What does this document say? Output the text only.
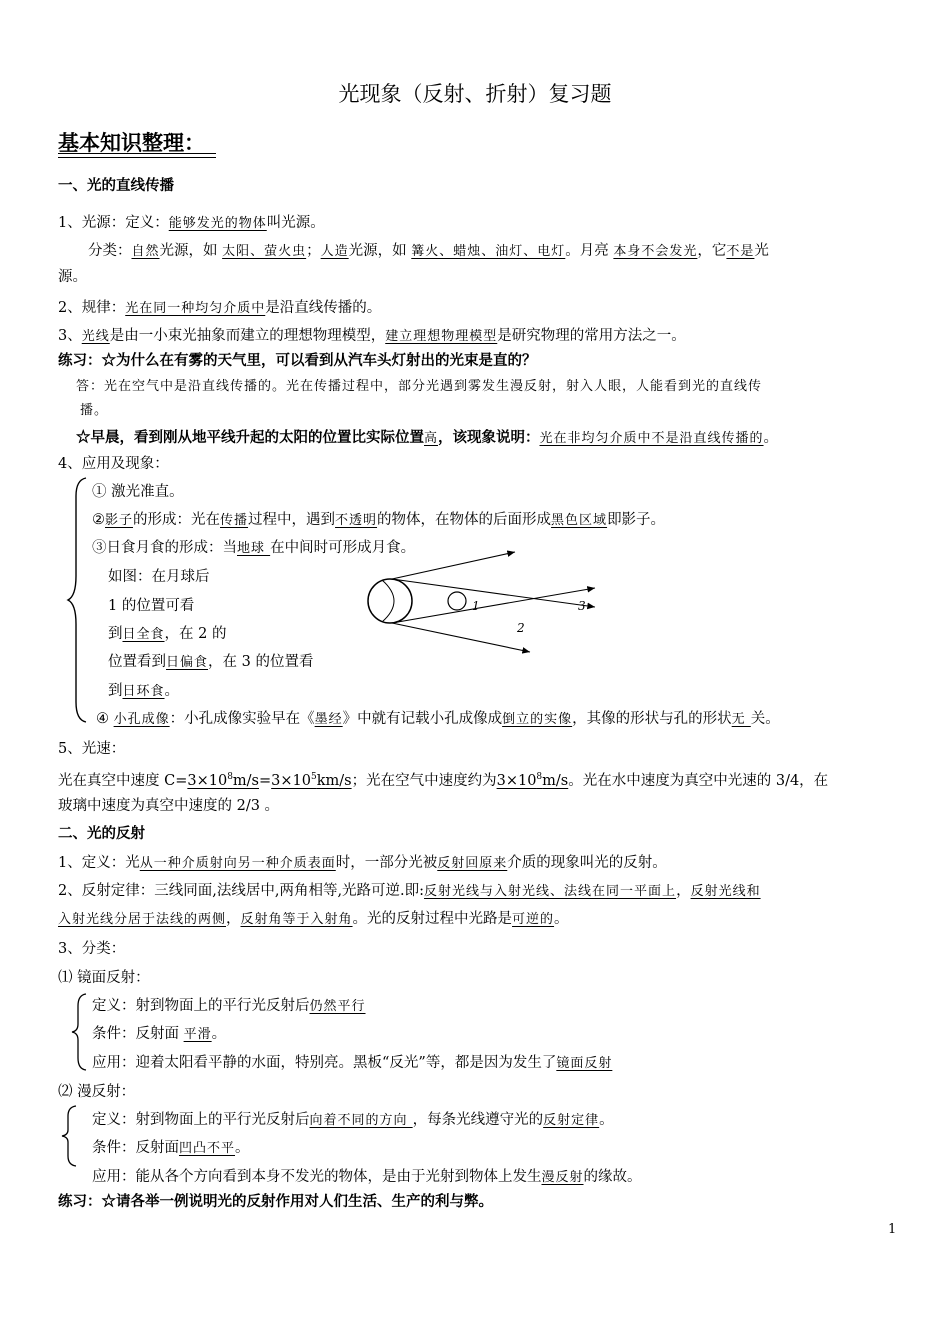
光现象（反射、折射）复习题
基本知识整理：
一、光的直线传播
1、光源：定义：能够发光的物体叫光源。
分类：自然光源，如 太阳、萤火虫；人造光源，如 篝火、蜡烛、油灯、电灯。月亮 本身不会发光，它不是光
源。
2、规律：光在同一种均匀介质中是沿直线传播的。
3、光线是由一小束光抽象而建立的理想物理模型，建立理想物理模型是研究物理的常用方法之一。
练习：☆为什么在有雾的天气里，可以看到从汽车头灯射出的光束是直的？
答：光在空气中是沿直线传播的。光在传播过程中，部分光遇到雾发生漫反射，射入人眼，人能看到光的直线传
播。
☆早晨，看到刚从地平线升起的太阳的位置比实际位置高，该现象说明：光在非均匀介质中不是沿直线传播的。
4、应用及现象：
① 激光准直。
②影子的形成：光在传播过程中，遇到不透明的物体，在物体的后面形成黑色区域即影子。
③日食月食的形成：当地球 在中间时可形成月食。
如图：在月球后
1 的位置可看
到日全食，在 2 的
位置看到日偏食，在 3 的位置看
到日环食。
1
2
3
④ 小孔成像：小孔成像实验早在《墨经》中就有记载小孔成像成倒立的实像，其像的形状与孔的形状无 关。
5、光速：
光在真空中速度 $C=3\times 10^8m/s=3\times 10^5km/s$；光在空气中速度约为$3\times 10^8m/s$。光在水中速度为真空中光速的 3/4，在
玻璃中速度为真空中速度的 2/3 。
二、光的反射
1、定义：光从一种介质射向另一种介质表面时，一部分光被反射回原来介质的现象叫光的反射。
2、反射定律：三线同面,法线居中,两角相等,光路可逆.即:反射光线与入射光线、法线在同一平面上，反射光线和
入射光线分居于法线的两侧，反射角等于入射角。光的反射过程中光路是可逆的。
3、分类：
⑴ 镜面反射：
定义：射到物面上的平行光反射后仍然平行
条件：反射面 平滑。
应用：迎着太阳看平静的水面，特别亮。黑板“反光”等，都是因为发生了镜面反射
⑵ 漫反射：
定义：射到物面上的平行光反射后向着不同的方向 ，每条光线遵守光的反射定律。
条件：反射面凹凸不平。
应用：能从各个方向看到本身不发光的物体，是由于光射到物体上发生漫反射的缘故。
练习：☆请各举一例说明光的反射作用对人们生活、生产的利与弊。
1
